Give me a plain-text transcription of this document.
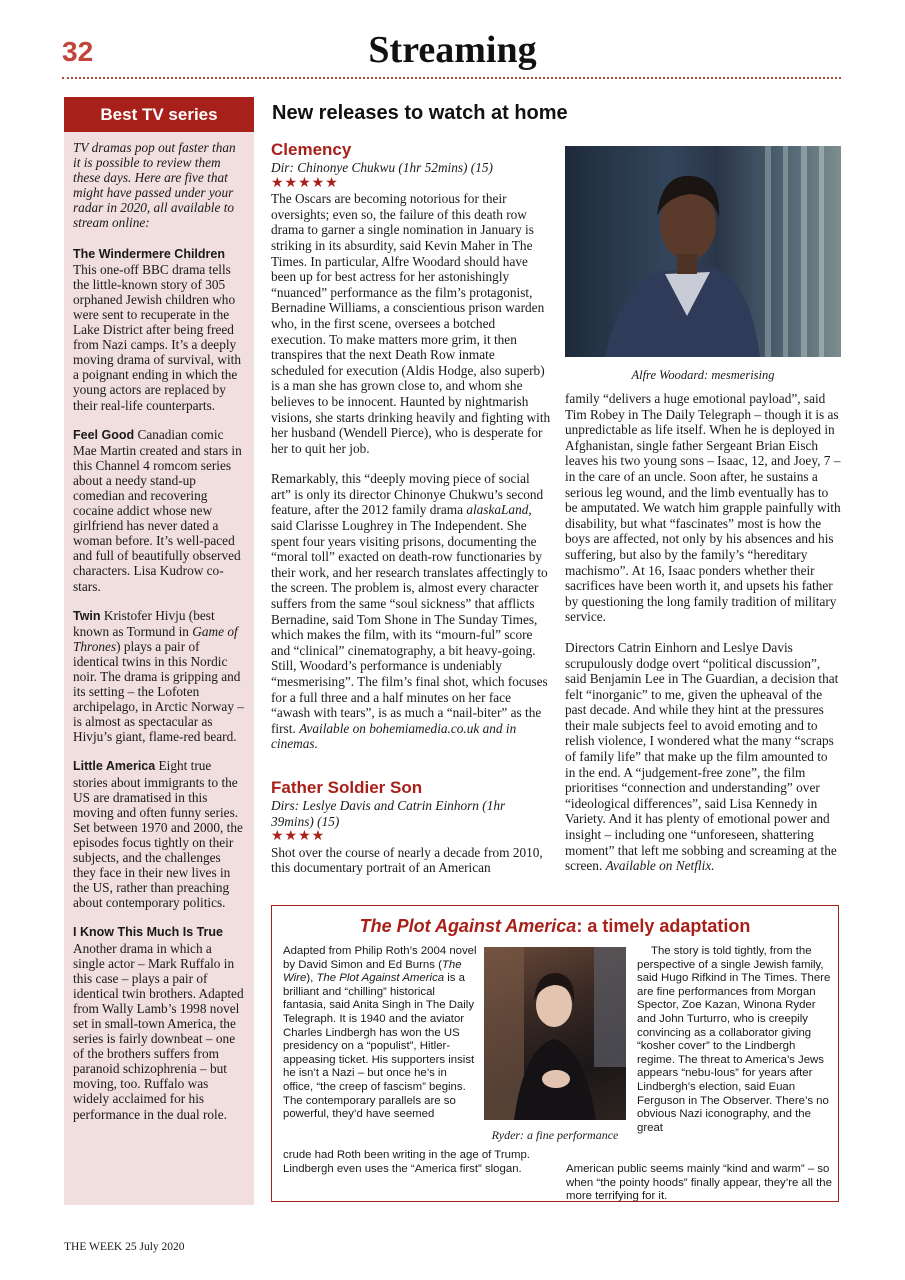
32	Streaming
Best TV series

TV dramas pop out faster than it is possible to review them these days. Here are five that might have passed under your radar in 2020, all available to stream online:

The Windermere Children This one-off BBC drama tells the little-known story of 305 orphaned Jewish children who were sent to recuperate in the Lake District after being freed from Nazi camps. It’s a deeply moving drama of survival, with a poignant ending in which the young actors are replaced by their real-life counterparts.

Feel Good Canadian comic Mae Martin created and stars in this Channel 4 romcom series about a needy stand-up comedian and recovering cocaine addict whose new girlfriend has never dated a woman before. It’s well-paced and full of beautifully observed characters. Lisa Kudrow co-stars.

Twin Kristofer Hivju (best known as Tormund in Game of Thrones) plays a pair of identical twins in this Nordic noir. The drama is gripping and its setting – the Lofoten archipelago, in Arctic Norway – is almost as spectacular as Hivju’s giant, flame-red beard.

Little America Eight true stories about immigrants to the US are dramatised in this moving and often funny series. Set between 1970 and 2000, the episodes focus tightly on their subjects, and the challenges they face in their new lives in the US, rather than preaching about contemporary politics.

I Know This Much Is True Another drama in which a single actor – Mark Ruffalo in this case – plays a pair of identical twin brothers. Adapted from Wally Lamb’s 1998 novel set in small-town America, the series is fairly downbeat – one of the brothers suffers from paranoid schizophrenia – but moving, too. Ruffalo was widely acclaimed for his performance in the dual role.

New releases to watch at home
Clemency
Dir: Chinonye Chukwu (1hr 52mins) (15)
★★★★★

The Oscars are becoming notorious for their oversights; even so, the failure of this death row drama to garner a single nomination in January is striking in its absurdity, said Kevin Maher in The Times. In particular, Alfre Woodard should have been up for best actress for her astonishingly “nuanced” performance as the film’s protagonist, Bernadine Williams, a conscientious prison warden who, in the first scene, oversees a botched execution. To make matters more grim, it then transpires that the next Death Row inmate scheduled for execution (Aldis Hodge, also superb) is a man she has grown close to, and whom she believes to be innocent. Haunted by nightmarish visions, she starts drinking heavily and fighting with her husband (Wendell Pierce), who is desperate for her to quit her job.

Remarkably, this “deeply moving piece of social art” is only its director Chinonye Chukwu’s second feature, after the 2012 family drama alaskaLand, said Clarisse Loughrey in The Independent. She spent four years visiting prisons, documenting the “moral toll” exacted on death-row functionaries by their work, and her research translates affectingly to the screen. The problem is, almost every character suffers from the same “soul sickness” that afflicts Bernadine, said Tom Shone in The Sunday Times, which makes the film, with its “mourn-ful” score and “clinical” cinematography, a bit heavy-going. Still, Woodard’s performance is undeniably “mesmerising”. The film’s final shot, which focuses for a full three and a half minutes on her face “awash with tears”, is as much a “nail-biter” as the first. Available on bohemiamedia.co.uk and in cinemas.

Father Soldier Son
Dirs: Leslye Davis and Catrin Einhorn (1hr 39mins) (15)
★★★★

Shot over the course of nearly a decade from 2010, this documentary portrait of an American

Alfre Woodard: mesmerising

family “delivers a huge emotional payload”, said Tim Robey in The Daily Telegraph – though it is as unpredictable as life itself. When he is deployed in Afghanistan, single father Sergeant Brian Eisch leaves his two young sons – Isaac, 12, and Joey, 7 – in the care of an uncle. Soon after, he sustains a serious leg wound, and the limb eventually has to be amputated. We watch him grapple painfully with disability, but what “fascinates” most is how the boys are affected, not only by his absences and his suffering, but also by the family’s “hereditary machismo”. At 16, Isaac ponders whether their sacrifices have been worth it, and upsets his father by questioning the long family tradition of military service.

Directors Catrin Einhorn and Leslye Davis scrupulously dodge overt “political discussion”, said Benjamin Lee in The Guardian, a decision that felt “inorganic” to me, given the upheaval of the past decade. And while they hint at the pressures their male subjects feel to avoid emoting and to relish violence, I wondered what the many “scraps of family life” that make up the film amounted to in the end. A “judgement-free zone”, the film prioritises “connection and understanding” over “ideological differences”, said Lisa Kennedy in Variety. And it has plenty of emotional power and insight – including one “unforeseen, shattering moment” that left me sobbing and screaming at the screen. Available on Netflix.

The Plot Against America: a timely adaptation
Adapted from Philip Roth’s 2004 novel by David Simon and Ed Burns (The Wire), The Plot Against America is a brilliant and “chilling” historical fantasia, said Anita Singh in The Daily Telegraph. It is 1940 and the aviator Charles Lindbergh has won the US presidency on a “populist”, Hitler-appeasing ticket. His supporters insist he isn’t a Nazi – but once he’s in office, “the creep of fascism” begins. The contemporary parallels are so powerful, they’d have seemed
crude had Roth been writing in the age of Trump. Lindbergh even uses the “America first” slogan.
Ryder: a fine performance
The story is told tightly, from the perspective of a single Jewish family, said Hugo Rifkind in The Times. There are fine performances from Morgan Spector, Zoe Kazan, Winona Ryder and John Turturro, who is creepily convincing as a collaborator giving “kosher cover” to the Lindbergh regime. The threat to America’s Jews appears “nebu-lous” for years after Lindbergh’s election, said Euan Ferguson in The Observer. There’s no obvious Nazi iconography, and the great
American public seems mainly “kind and warm” – so when “the pointy hoods” finally appear, they’re all the more terrifying for it.
THE WEEK 25 July 2020
